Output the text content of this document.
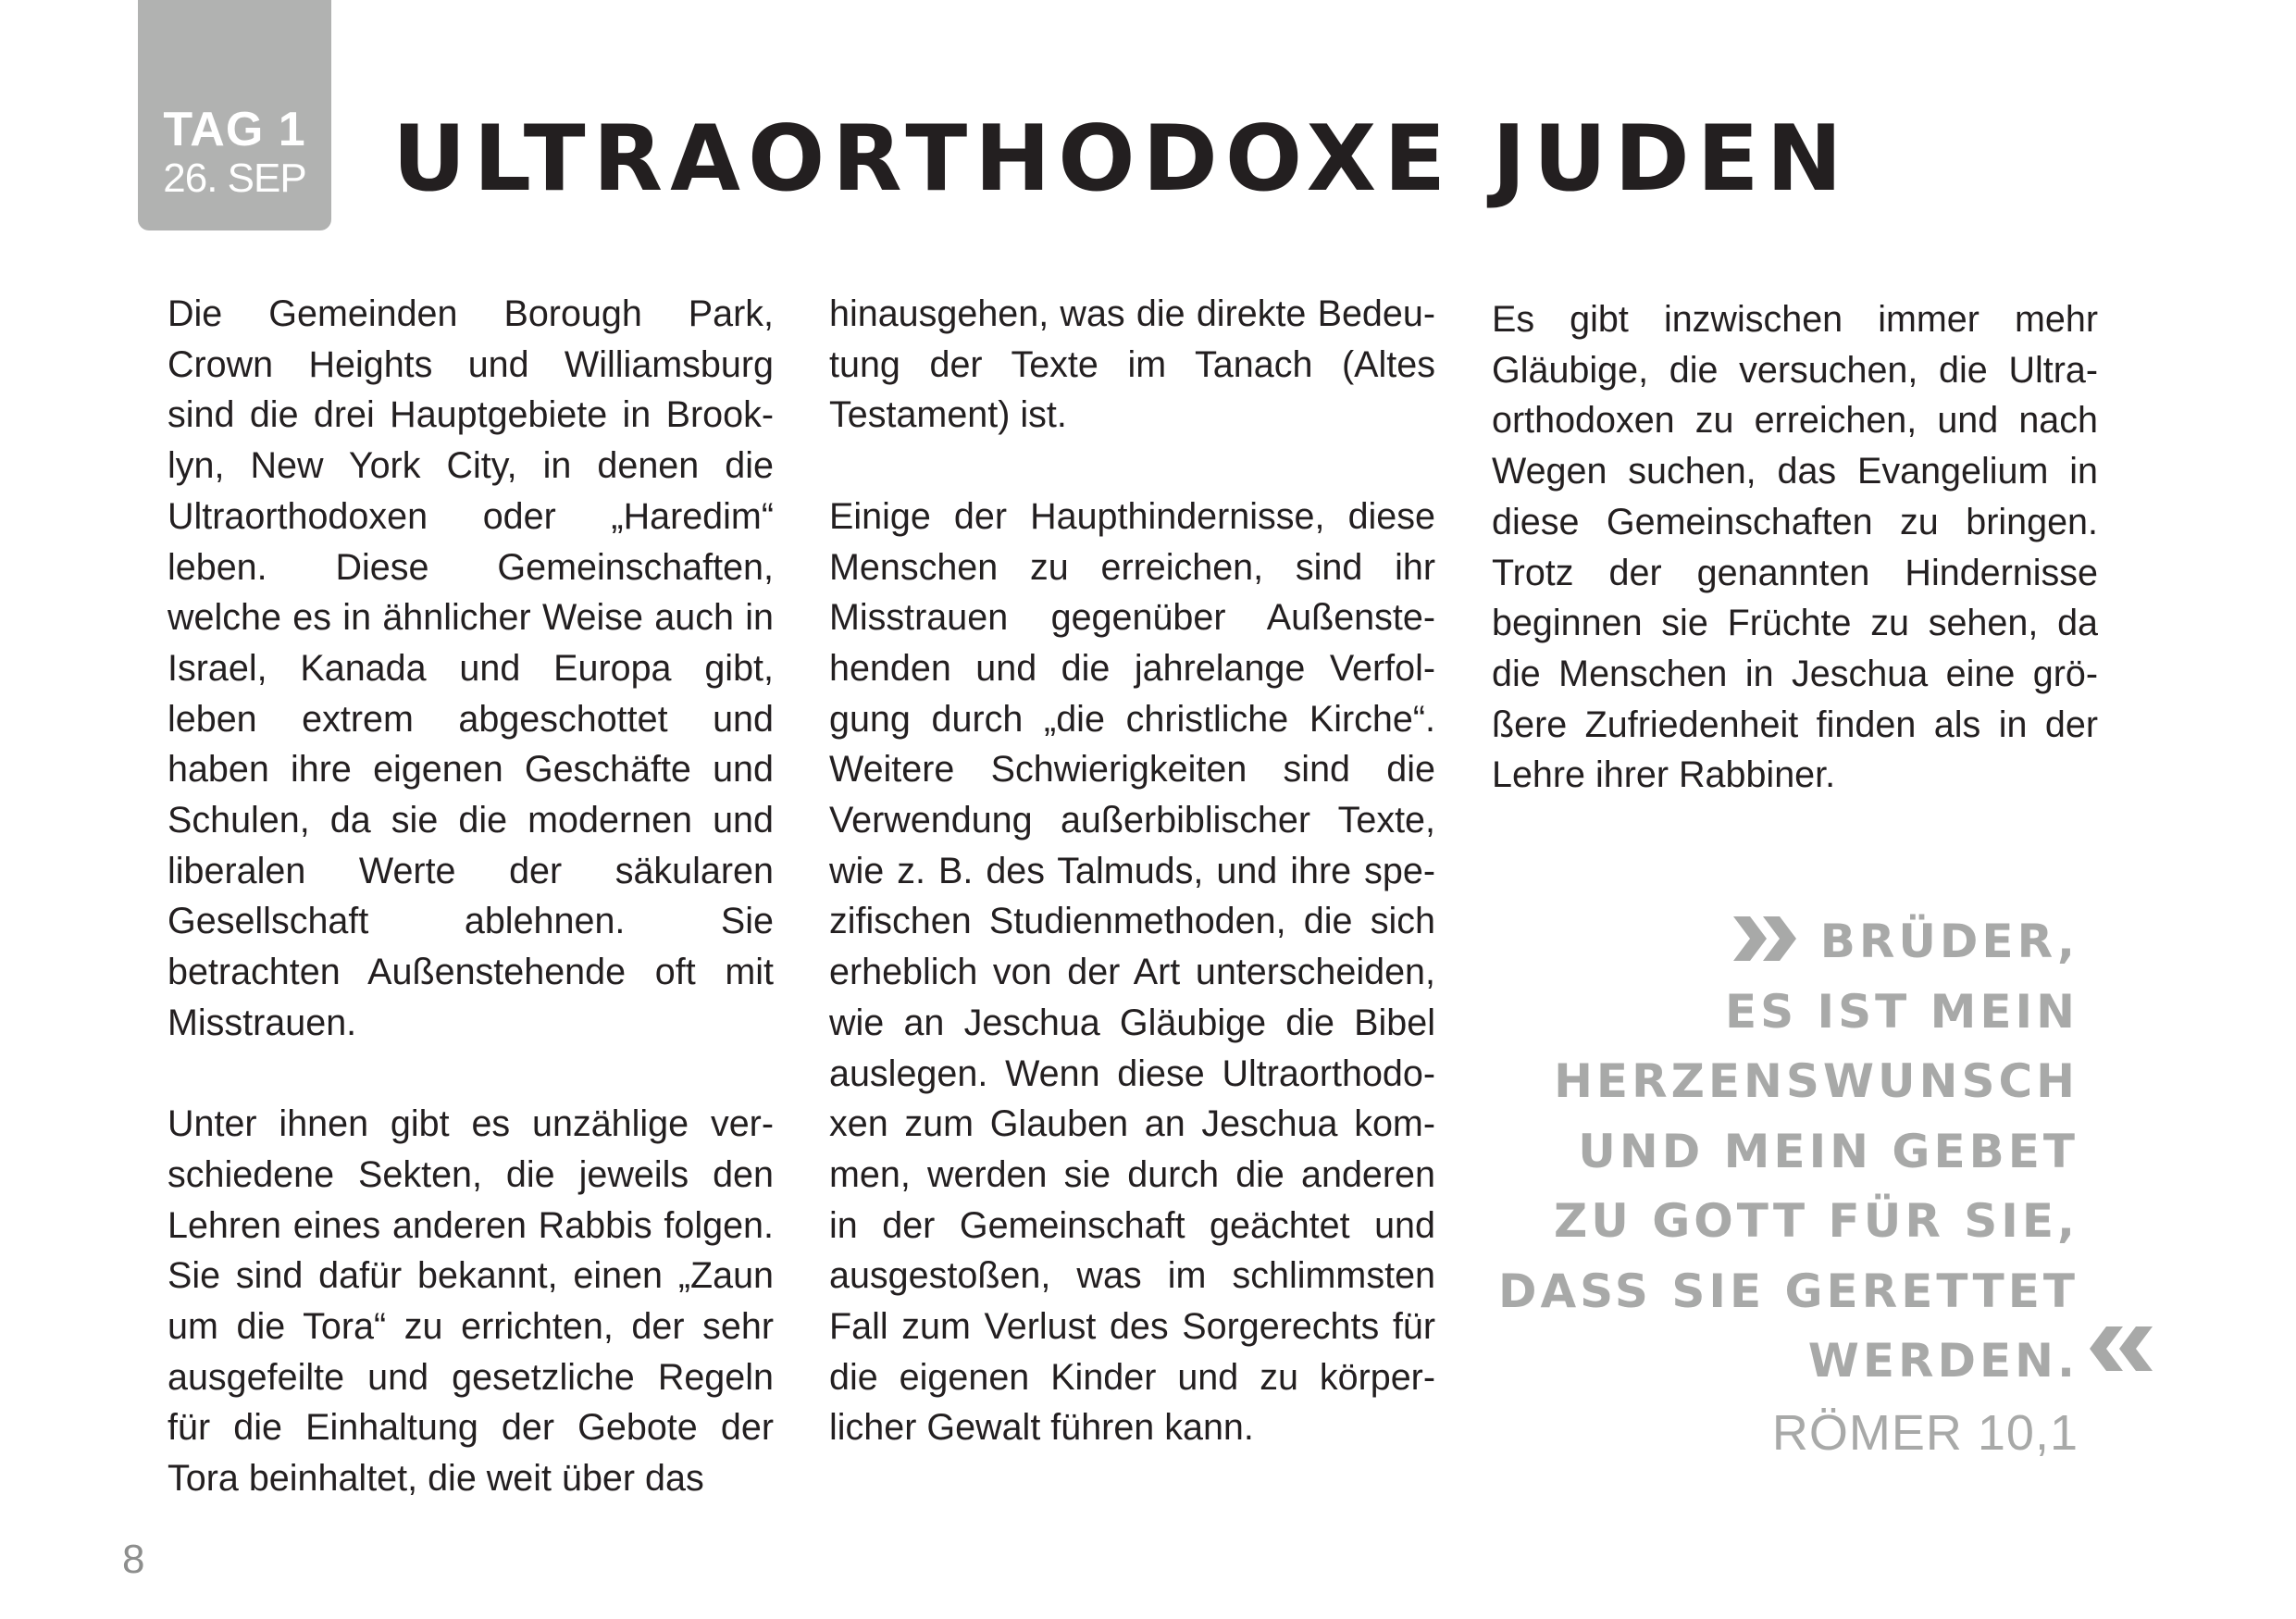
TAG 1
26. SEP ULTRAORTHODOXE JUDEN

Die Gemeinden Borough Park, Crown Heights und Williamsburg sind die drei Hauptgebiete in Brooklyn, New York City, in denen die Ultraorthodoxen oder „Haredim“ leben. Diese Gemeinschaften, welche es in ähnlicher Weise auch in Israel, Kanada und Europa gibt, leben extrem abgeschottet und haben ihre eigenen Geschäfte und Schulen, da sie die modernen und liberalen Werte der säkularen Gesellschaft ablehnen. Sie betrachten Außenstehende oft mit Misstrauen.

Unter ihnen gibt es unzählige verschiedene Sekten, die jeweils den Lehren eines anderen Rabbis folgen. Sie sind dafür bekannt, einen „Zaun um die Tora“ zu errichten, der sehr ausgefeilte und gesetzliche Regeln für die Einhaltung der Gebote der Tora beinhaltet, die weit über das

hinausgehen, was die direkte Bedeutung der Texte im Tanach (Altes Testament) ist.

Einige der Haupthindernisse, diese Menschen zu erreichen, sind ihr Misstrauen gegenüber Außenstehenden und die jahrelange Verfolgung durch „die christliche Kirche“. Weitere Schwierigkeiten sind die Verwendung außerbiblischer Texte, wie z. B. des Talmuds, und ihre spezifischen Studienmethoden, die sich erheblich von der Art unterscheiden, wie an Jeschua Gläubige die Bibel auslegen. Wenn diese Ultraorthodoxen zum Glauben an Jeschua kommen, werden sie durch die anderen in der Gemeinschaft geächtet und ausgestoßen, was im schlimmsten Fall zum Verlust des Sorgerechts für die eigenen Kinder und zu körperlicher Gewalt führen kann.

Es gibt inzwischen immer mehr Gläubige, die versuchen, die Ultraorthodoxen zu erreichen, und nach Wegen suchen, das Evangelium in diese Gemeinschaften zu bringen. Trotz der genannten Hindernisse beginnen sie Früchte zu sehen, da die Menschen in Jeschua eine größere Zufriedenheit finden als in der Lehre ihrer Rabbiner.

BRÜDER,
ES IST MEIN
HERZENSWUNSCH
UND MEIN GEBET
ZU GOTT FÜR SIE,
DASS SIE GERETTET
WERDEN.
RÖMER 10,1
8
